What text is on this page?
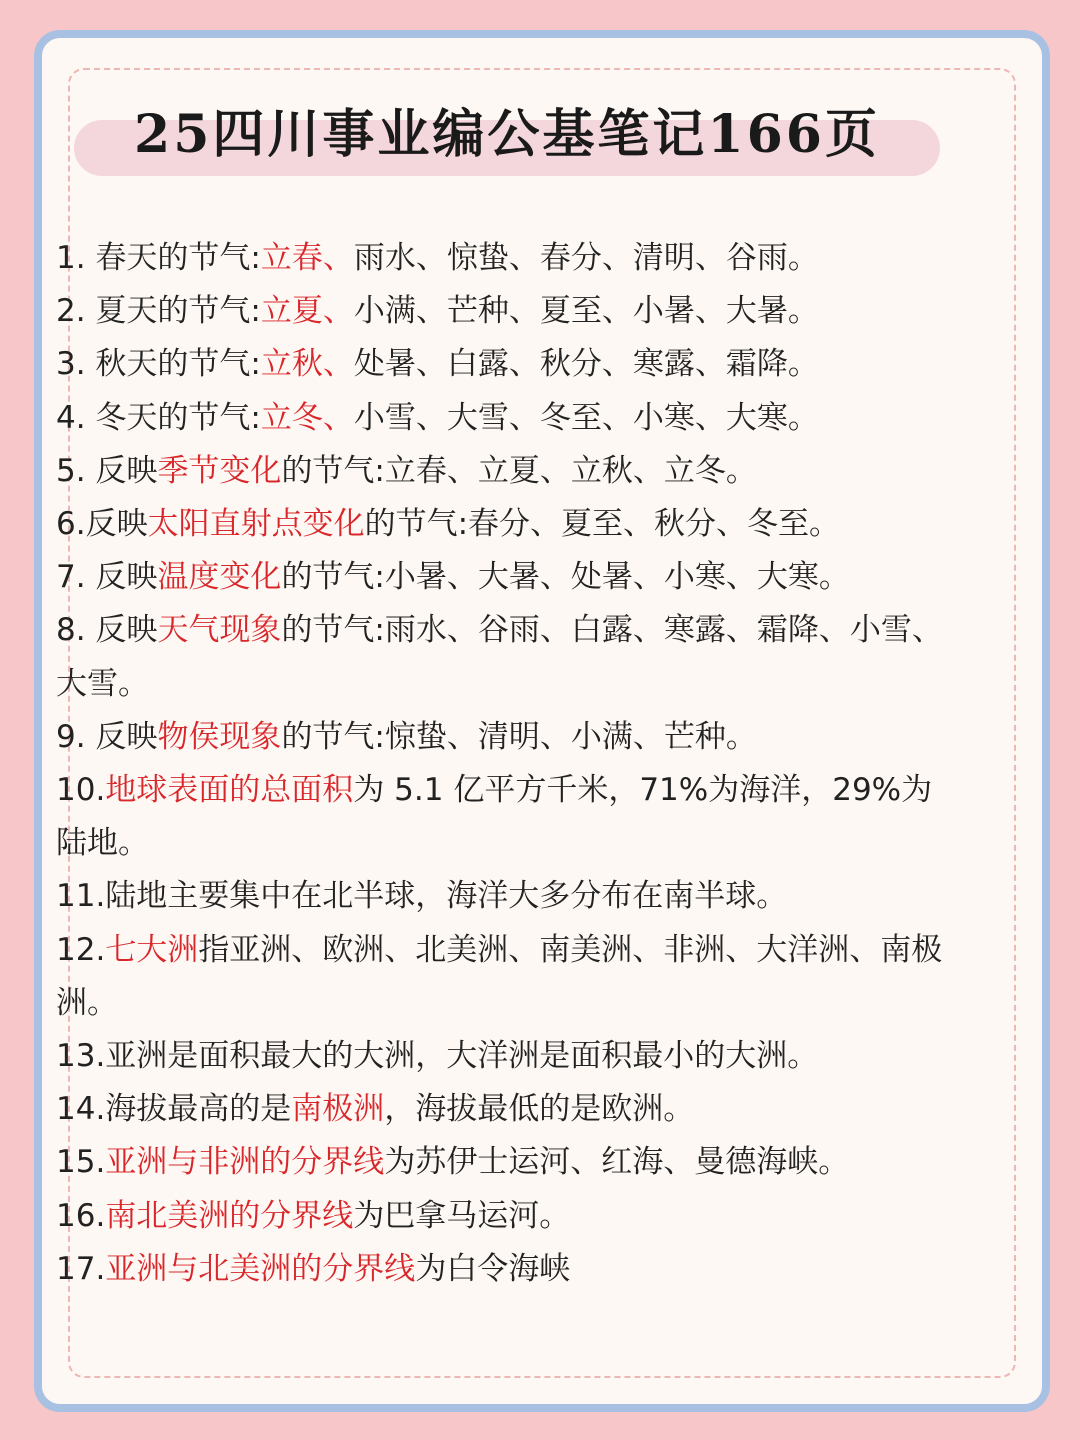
25四川事业编公基笔记166页

1. 春天的节气:立春、雨水、惊蛰、春分、清明、谷雨。

2. 夏天的节气:立夏、小满、芒种、夏至、小暑、大暑。

3. 秋天的节气:立秋、处暑、白露、秋分、寒露、霜降。

4. 冬天的节气:立冬、小雪、大雪、冬至、小寒、大寒。

5. 反映季节变化的节气:立春、立夏、立秋、立冬。

6.反映太阳直射点变化的节气:春分、夏至、秋分、冬至。

7. 反映温度变化的节气:小暑、大暑、处暑、小寒、大寒。

8. 反映天气现象的节气:雨水、谷雨、白露、寒露、霜降、小雪、大雪。

9. 反映物侯现象的节气:惊蛰、清明、小满、芒种。

10.地球表面的总面积为 5.1 亿平方千米，71%为海洋，29%为陆地。

11.陆地主要集中在北半球，海洋大多分布在南半球。

12.七大洲指亚洲、欧洲、北美洲、南美洲、非洲、大洋洲、南极洲。

13.亚洲是面积最大的大洲，大洋洲是面积最小的大洲。

14.海拔最高的是南极洲，海拔最低的是欧洲。

15.亚洲与非洲的分界线为苏伊士运河、红海、曼德海峡。

16.南北美洲的分界线为巴拿马运河。

17.亚洲与北美洲的分界线为白令海峡
